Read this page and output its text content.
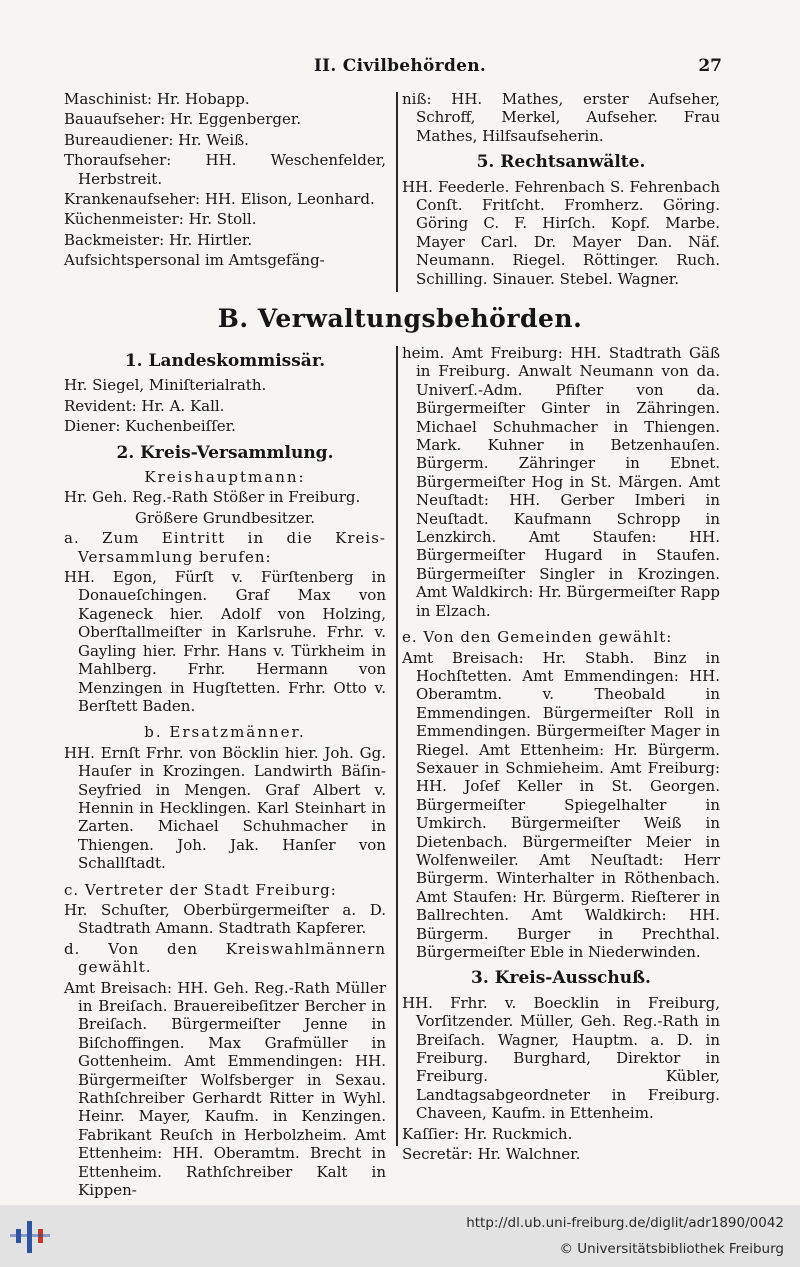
II. Civilbehörden.	27

Maschinist: Hr. Hobapp.

Bauaufseher: Hr. Eggenberger.

Bureaudiener: Hr. Weiß.

Thoraufseher: HH. Weschenfelder, Herbstreit.

Krankenaufseher: HH. Elison, Leonhard.

Küchenmeister: Hr. Stoll.

Backmeister: Hr. Hirtler.

Aufsichtspersonal im Amtsgefäng-

niß: HH. Mathes, erster Aufseher, Schroff, Merkel, Aufseher. Frau Mathes, Hilfsaufseherin.

5. Rechtsanwälte.

HH. Feederle. Fehrenbach S. Fehrenbach Conſt. Fritſcht. Fromherz. Göring. Göring C. F. Hirſch. Kopf. Marbe. Mayer Carl. Dr. Mayer Dan. Näf. Neumann. Riegel. Röttinger. Ruch. Schilling. Sinauer. Stebel. Wagner.

B. Verwaltungsbehörden.

1. Landeskommissär.

Hr. Siegel, Miniſterialrath.

Revident: Hr. A. Kall.

Diener: Kuchenbeiſſer.

2. Kreis-Versammlung.

Kreishauptmann:

Hr. Geh. Reg.-Rath Stößer in Freiburg.

Größere Grundbesitzer.

a. Zum Eintritt in die Kreis-Versammlung berufen:

HH. Egon, Fürſt v. Fürſtenberg in Donaueſchingen. Graf Max von Kageneck hier. Adolf von Holzing, Oberſtallmeiſter in Karlsruhe. Frhr. v. Gayling hier. Frhr. Hans v. Türkheim in Mahlberg. Frhr. Hermann von Menzingen in Hugſtetten. Frhr. Otto v. Berſtett Baden.

b. Ersatzmänner.

HH. Ernſt Frhr. von Böcklin hier. Joh. Gg. Hauſer in Krozingen. Landwirth Bäſin-Seyfried in Mengen. Graf Albert v. Hennin in Hecklingen. Karl Steinhart in Zarten. Michael Schuhmacher in Thiengen. Joh. Jak. Hanſer von Schallſtadt.

c. Vertreter der Stadt Freiburg:

Hr. Schuſter, Oberbürgermeiſter a. D. Stadtrath Amann. Stadtrath Kapferer.

d. Von den Kreiswahlmännern gewählt.

Amt Breisach: HH. Geh. Reg.-Rath Müller in Breiſach. Brauereibeſitzer Bercher in Breiſach. Bürgermeiſter Jenne in Biſchoffingen. Max Grafmüller in Gottenheim. Amt Emmendingen: HH. Bürgermeiſter Wolfsberger in Sexau. Rathſchreiber Gerhardt Ritter in Wyhl. Heinr. Mayer, Kaufm. in Kenzingen. Fabrikant Reuſch in Herbolzheim. Amt Ettenheim: HH. Oberamtm. Brecht in Ettenheim. Rathſchreiber Kalt in Kippen-

heim. Amt Freiburg: HH. Stadtrath Gäß in Freiburg. Anwalt Neumann von da. Univerſ.-Adm. Pfiſter von da. Bürgermeiſter Ginter in Zähringen. Michael Schuhmacher in Thiengen. Mark. Kuhner in Betzenhauſen. Bürgerm. Zähringer in Ebnet. Bürgermeiſter Hog in St. Märgen. Amt Neuſtadt: HH. Gerber Imberi in Neuſtadt. Kaufmann Schropp in Lenzkirch. Amt Staufen: HH. Bürgermeiſter Hugard in Staufen. Bürgermeiſter Singler in Krozingen. Amt Waldkirch: Hr. Bürgermeiſter Rapp in Elzach.

e. Von den Gemeinden gewählt:

Amt Breisach: Hr. Stabh. Binz in Hochſtetten. Amt Emmendingen: HH. Oberamtm. v. Theobald in Emmendingen. Bürgermeiſter Roll in Emmendingen. Bürgermeiſter Mager in Riegel. Amt Ettenheim: Hr. Bürgerm. Sexauer in Schmieheim. Amt Freiburg: HH. Joſef Keller in St. Georgen. Bürgermeiſter Spiegelhalter in Umkirch. Bürgermeiſter Weiß in Dietenbach. Bürgermeiſter Meier in Wolfenweiler. Amt Neuſtadt: Herr Bürgerm. Winterhalter in Röthenbach. Amt Staufen: Hr. Bürgerm. Rieſterer in Ballrechten. Amt Waldkirch: HH. Bürgerm. Burger in Prechthal. Bürgermeiſter Eble in Niederwinden.

3. Kreis-Ausschuß.

HH. Frhr. v. Boecklin in Freiburg, Vorſitzender. Müller, Geh. Reg.-Rath in Breiſach. Wagner, Hauptm. a. D. in Freiburg. Burghard, Direktor in Freiburg. Kübler, Landtagsabgeordneter in Freiburg. Chaveen, Kaufm. in Ettenheim.

Kaſſier: Hr. Ruckmich.

Secretär: Hr. Walchner.

http://dl.ub.uni-freiburg.de/diglit/adr1890/0042
© Universitätsbibliothek Freiburg
